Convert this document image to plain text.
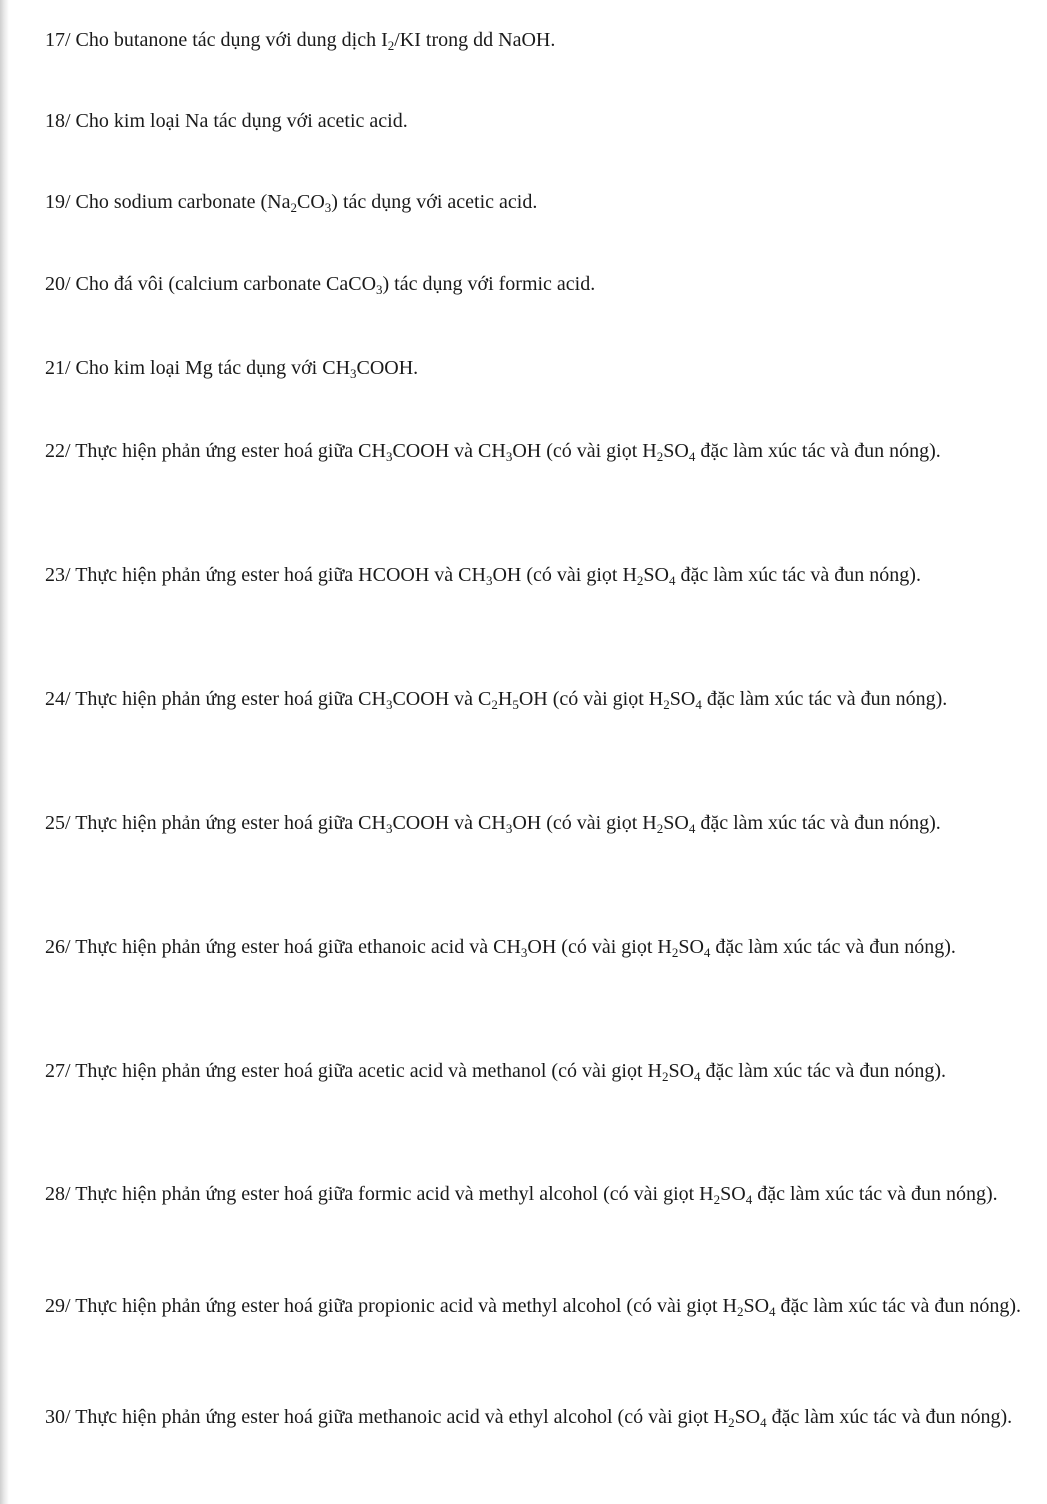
17/ Cho butanone tác dụng với dung dịch $I_2/KI$ trong dd NaOH.

18/ Cho kim loại Na tác dụng với acetic acid.

19/ Cho sodium carbonate $(Na_2CO_3)$ tác dụng với acetic acid.

20/ Cho đá vôi (calcium carbonate CaCO$_3$) tác dụng với formic acid.

21/ Cho kim loại Mg tác dụng với $CH_3COOH$.

22/ Thực hiện phản ứng ester hoá giữa $CH_3COOH$ và $CH_3OH$ (có vài giọt $H_2SO_4$ đặc làm xúc tác và đun nóng).

23/ Thực hiện phản ứng ester hoá giữa HCOOH và $CH_3OH$ (có vài giọt $H_2SO_4$ đặc làm xúc tác và đun nóng).

24/ Thực hiện phản ứng ester hoá giữa $CH_3COOH$ và $C_2H_5OH$ (có vài giọt $H_2SO_4$ đặc làm xúc tác và đun nóng).

25/ Thực hiện phản ứng ester hoá giữa $CH_3COOH$ và $CH_3OH$ (có vài giọt $H_2SO_4$ đặc làm xúc tác và đun nóng).

26/ Thực hiện phản ứng ester hoá giữa ethanoic acid và $CH_3OH$ (có vài giọt $H_2SO_4$ đặc làm xúc tác và đun nóng).

27/ Thực hiện phản ứng ester hoá giữa acetic acid và methanol (có vài giọt $H_2SO_4$ đặc làm xúc tác và đun nóng).

28/ Thực hiện phản ứng ester hoá giữa formic acid và methyl alcohol (có vài giọt $H_2SO_4$ đặc làm xúc tác và đun nóng).

29/ Thực hiện phản ứng ester hoá giữa propionic acid và methyl alcohol (có vài giọt $H_2SO_4$ đặc làm xúc tác và đun nóng).

30/ Thực hiện phản ứng ester hoá giữa methanoic acid và ethyl alcohol (có vài giọt $H_2SO_4$ đặc làm xúc tác và đun nóng).
